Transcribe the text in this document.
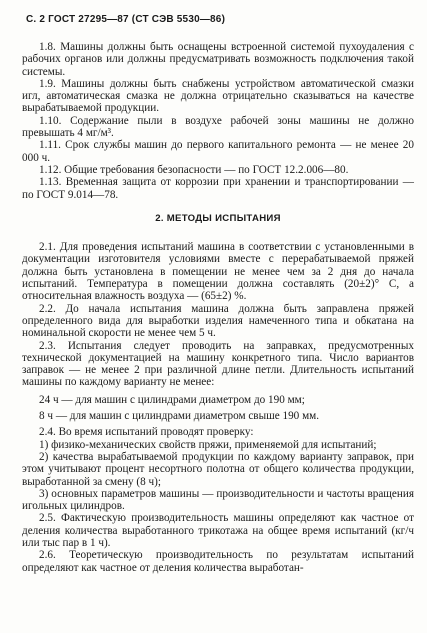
С. 2 ГОСТ 27295—87 (СТ СЭВ 5530—86)

1.8. Машины должны быть оснащены встроенной системой пухоудаления с рабочих органов или должны предусматривать возможность подключения такой системы.

1.9. Машины должны быть снабжены устройством автоматической смазки игл, автоматическая смазка не должна отрицательно сказываться на качестве вырабатываемой продукции.

1.10. Содержание пыли в воздухе рабочей зоны машины не должно превышать 4 мг/м³.

1.11. Срок службы машин до первого капитального ремонта — не менее 20 000 ч.

1.12. Общие требования безопасности — по ГОСТ 12.2.006—80.

1.13. Временная защита от коррозии при хранении и транспортировании — по ГОСТ 9.014—78.

2. МЕТОДЫ ИСПЫТАНИЯ

2.1. Для проведения испытаний машина в соответствии с установленными в документации изготовителя условиями вместе с перерабатываемой пряжей должна быть установлена в помещении не менее чем за 2 дня до начала испытаний. Температура в помещении должна составлять (20±2)° С, а относительная влажность воздуха — (65±2) %.

2.2. До начала испытания машина должна быть заправлена пряжей определенного вида для выработки изделия намеченного типа и обкатана на номинальной скорости не менее чем 5 ч.

2.3. Испытания следует проводить на заправках, предусмотренных технической документацией на машину конкретного типа. Число вариантов заправок — не менее 2 при различной длине петли. Длительность испытаний машины по каждому варианту не менее:

24 ч — для машин с цилиндрами диаметром до 190 мм;

8 ч — для машин с цилиндрами диаметром свыше 190 мм.

2.4. Во время испытаний проводят проверку:

1) физико-механических свойств пряжи, применяемой для испытаний;

2) качества вырабатываемой продукции по каждому варианту заправок, при этом учитывают процент несортного полотна от общего количества продукции, выработанной за смену (8 ч);

3) основных параметров машины — производительности и частоты вращения игольных цилиндров.

2.5. Фактическую производительность машины определяют как частное от деления количества выработанного трикотажа на общее время испытаний (кг/ч или тыс пар в 1 ч).

2.6. Теоретическую производительность по результатам испытаний определяют как частное от деления количества выработан-
